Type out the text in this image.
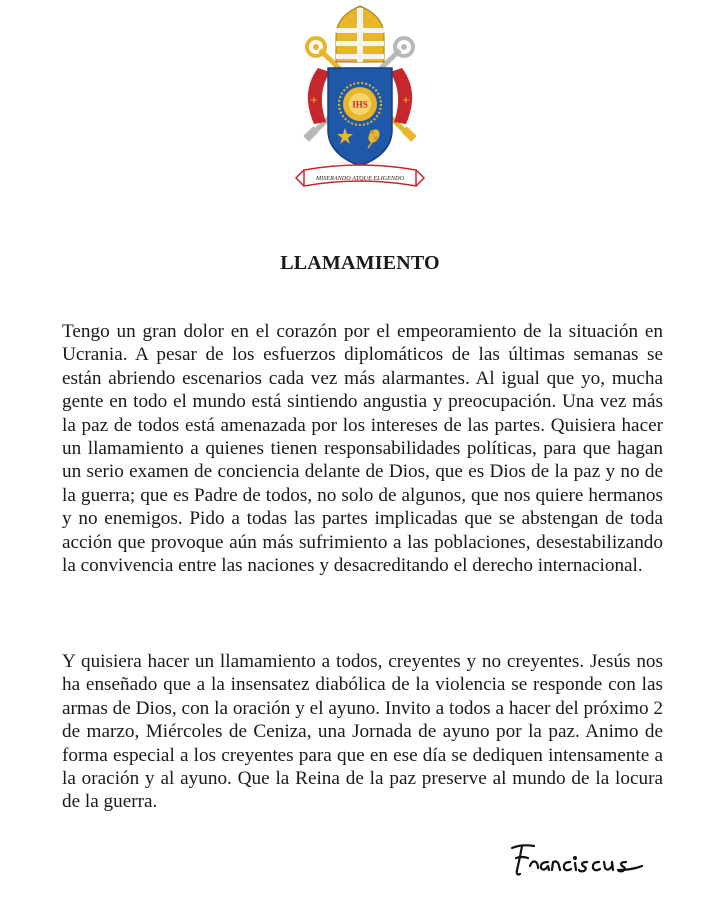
+	+
IHS
MISERANDO ATQUE ELIGENDO
LLAMAMIENTO

Tengo un gran dolor en el corazón por el empeoramiento de la situación en Ucrania. A pesar de los esfuerzos diplomáticos de las últimas semanas se están abriendo escenarios cada vez más alarmantes. Al igual que yo, mucha gente en todo el mundo está sintiendo angustia y preocupación. Una vez más la paz de todos está amenazada por los intereses de las partes. Quisiera hacer un llamamiento a quienes tienen responsabilidades políticas, para que hagan un serio examen de conciencia delante de Dios, que es Dios de la paz y no de la guerra; que es Padre de todos, no solo de algunos, que nos quiere hermanos y no enemigos. Pido a todas las partes implicadas que se abstengan de toda acción que provoque aún más sufrimiento a las poblaciones, desestabilizando la convivencia entre las naciones y desacreditando el derecho internacional.

Y quisiera hacer un llamamiento a todos, creyentes y no creyentes. Jesús nos ha enseñado que a la insensatez diabólica de la violencia se responde con las armas de Dios, con la oración y el ayuno. Invito a todos a hacer del próximo 2 de marzo, Miércoles de Ceniza, una Jornada de ayuno por la paz. Animo de forma especial a los creyentes para que en ese día se dediquen intensamente a la oración y al ayuno. Que la Reina de la paz preserve al mundo de la locura de la guerra.
